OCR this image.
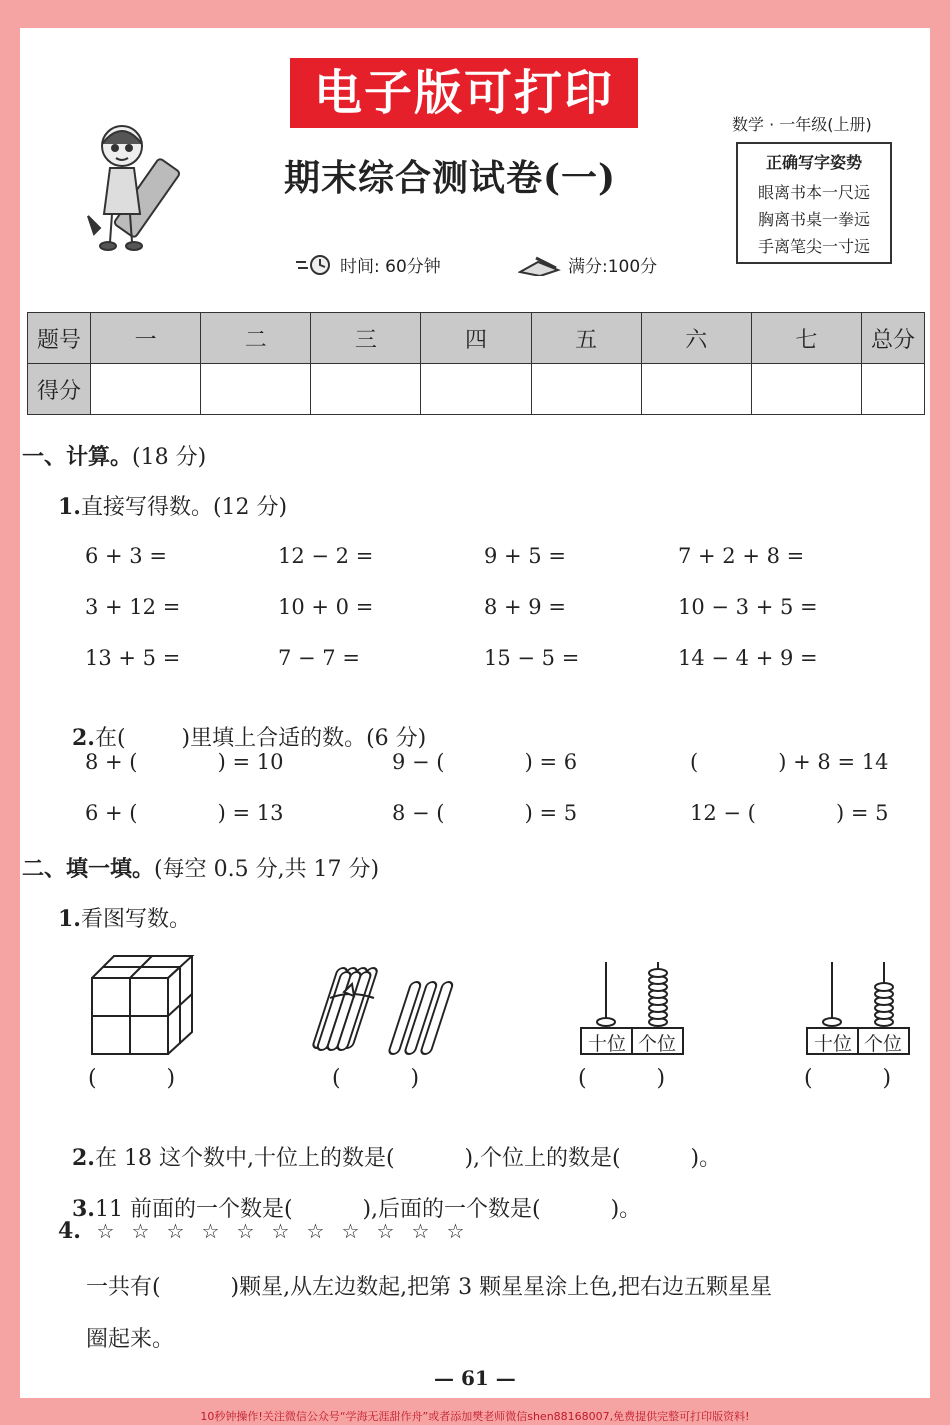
电子版可打印
期末综合测试卷(一)
数学 · 一年级(上册)
正确写字姿势
眼离书本一尺远
胸离书桌一拳远
手离笔尖一寸远
时间: 60分钟	满分:100分
题号	一	二	三	四	五	六	七	总分
得分								
一、计算。(18 分)
1.直接写得数。(12 分)
6 + 3 =	12 − 2 =	9 + 5 =	7 + 2 + 8 =
3 + 12 =	10 + 0 =	8 + 9 =	10 − 3 + 5 =
13 + 5 =	7 − 7 =	15 − 5 =	14 − 4 + 9 =

2.在(        )里填上合适的数。(6 分)

8 + (            ) = 10	9 − (            ) = 6	(            ) + 8 = 14
6 + (            ) = 13	8 − (            ) = 5	12 − (            ) = 5
二、填一填。(每空 0.5 分,共 17 分)
1.看图写数。
十位 个位	十位 个位
(          )	(          )	(          )	(          )

2.在 18 这个数中,十位上的数是(          ),个位上的数是(          )。

3.11 前面的一个数是(          ),后面的一个数是(          )。

4. ☆ ☆ ☆ ☆ ☆ ☆ ☆ ☆ ☆ ☆ ☆
一共有(          )颗星,从左边数起,把第 3 颗星星涂上色,把右边五颗星星
圈起来。
— 61 —
10秒钟操作!关注微信公众号“学海无涯甜作舟”或者添加樊老师微信shen88168007,免费提供完整可打印版资料!
